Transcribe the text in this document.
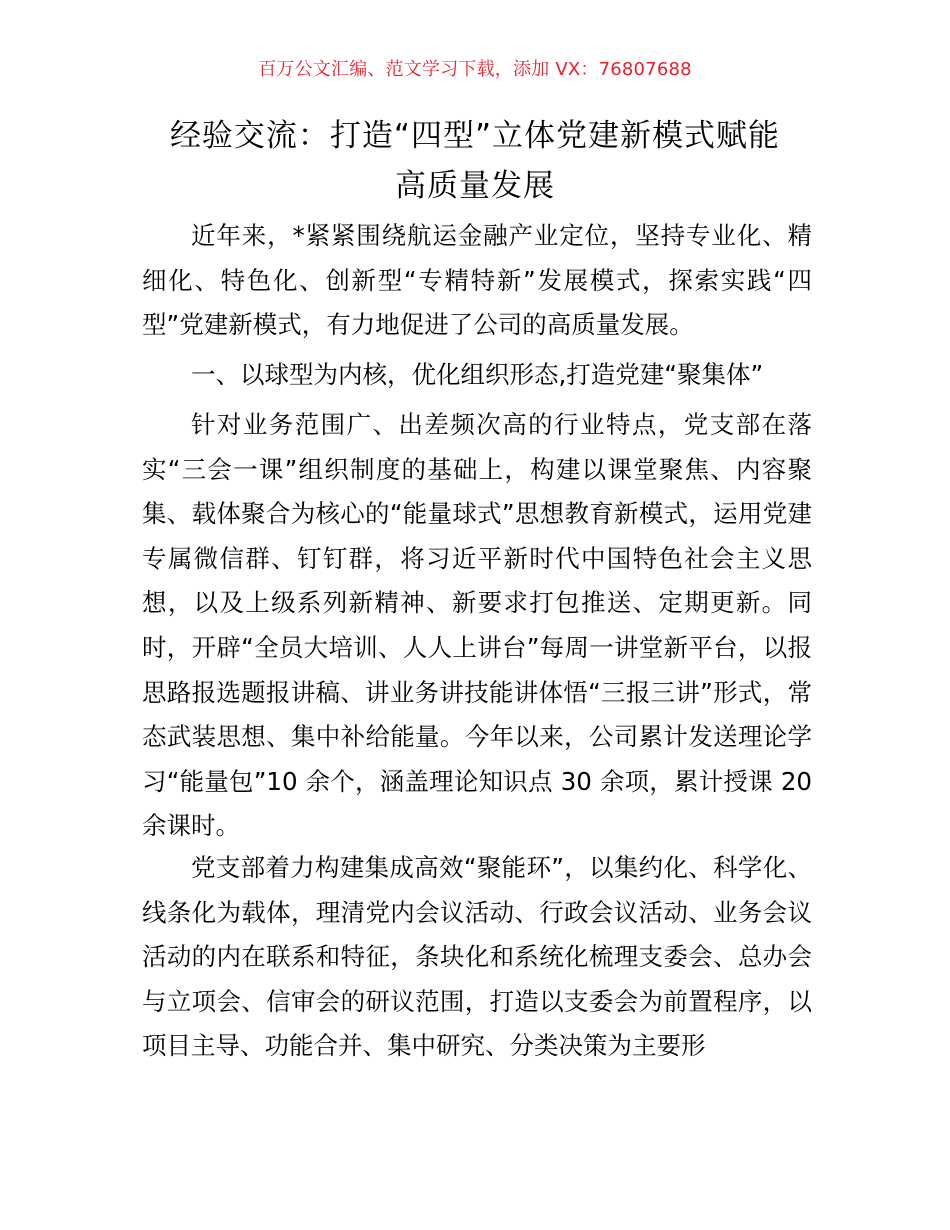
百万公文汇编、范文学习下载，添加 VX：76807688
经验交流：打造“四型”立体党建新模式赋能
高质量发展
近年来，*紧紧围绕航运金融产业定位，坚持专业化、精细化、特色化、创新型“专精特新”发展模式，探索实践“四型”党建新模式，有力地促进了公司的高质量发展。
一、以球型为内核，优化组织形态,打造党建“聚集体”
针对业务范围广、出差频次高的行业特点，党支部在落实“三会一课”组织制度的基础上，构建以课堂聚焦、内容聚集、载体聚合为核心的“能量球式”思想教育新模式，运用党建专属微信群、钉钉群，将习近平新时代中国特色社会主义思想，以及上级系列新精神、新要求打包推送、定期更新。同时，开辟“全员大培训、人人上讲台”每周一讲堂新平台，以报思路报选题报讲稿、讲业务讲技能讲体悟“三报三讲”形式，常态武装思想、集中补给能量。今年以来，公司累计发送理论学习“能量包”10 余个，涵盖理论知识点 30 余项，累计授课 20 余课时。
党支部着力构建集成高效“聚能环”，以集约化、科学化、线条化为载体，理清党内会议活动、行政会议活动、业务会议活动的内在联系和特征，条块化和系统化梳理支委会、总办会与立项会、信审会的研议范围，打造以支委会为前置程序，以项目主导、功能合并、集中研究、分类决策为主要形
